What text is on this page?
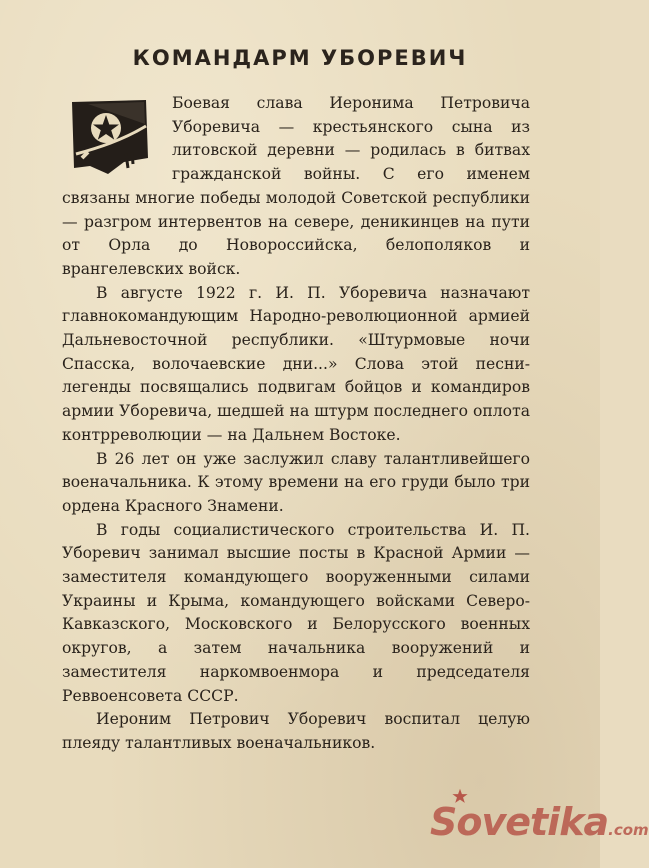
КОМАНДАРМ УБОРЕВИЧ

Боевая слава Иеронима Петровича Уборевича — крестьянского сына из литовской деревни — родилась в битвах гражданской войны. С его именем связаны многие победы молодой Советской республики — разгром интервентов на севере, деникинцев на пути от Орла до Новороссийска, белополяков и врангелевских войск.

В августе 1922 г. И. П. Уборевича назначают главнокомандующим Народно-революционной армией Дальневосточной республики. «Штурмовые ночи Спасска, волочаевские дни...» Слова этой песни-легенды посвящались подвигам бойцов и командиров армии Уборевича, шедшей на штурм последнего оплота контрреволюции — на Дальнем Востоке.

В 26 лет он уже заслужил славу талантливейшего военачальника. К этому времени на его груди было три ордена Красного Знамени.

В годы социалистического строительства И. П. Уборевич занимал высшие посты в Красной Армии — заместителя командующего вооруженными силами Украины и Крыма, командующего войсками Северо-Кавказского, Московского и Белорусского военных округов, а затем начальника вооружений и заместителя наркомвоенмора и председателя Реввоенсовета СССР.

Иероним Петрович Уборевич воспитал целую плеяду талантливых военачальников.

Sovetika.com
